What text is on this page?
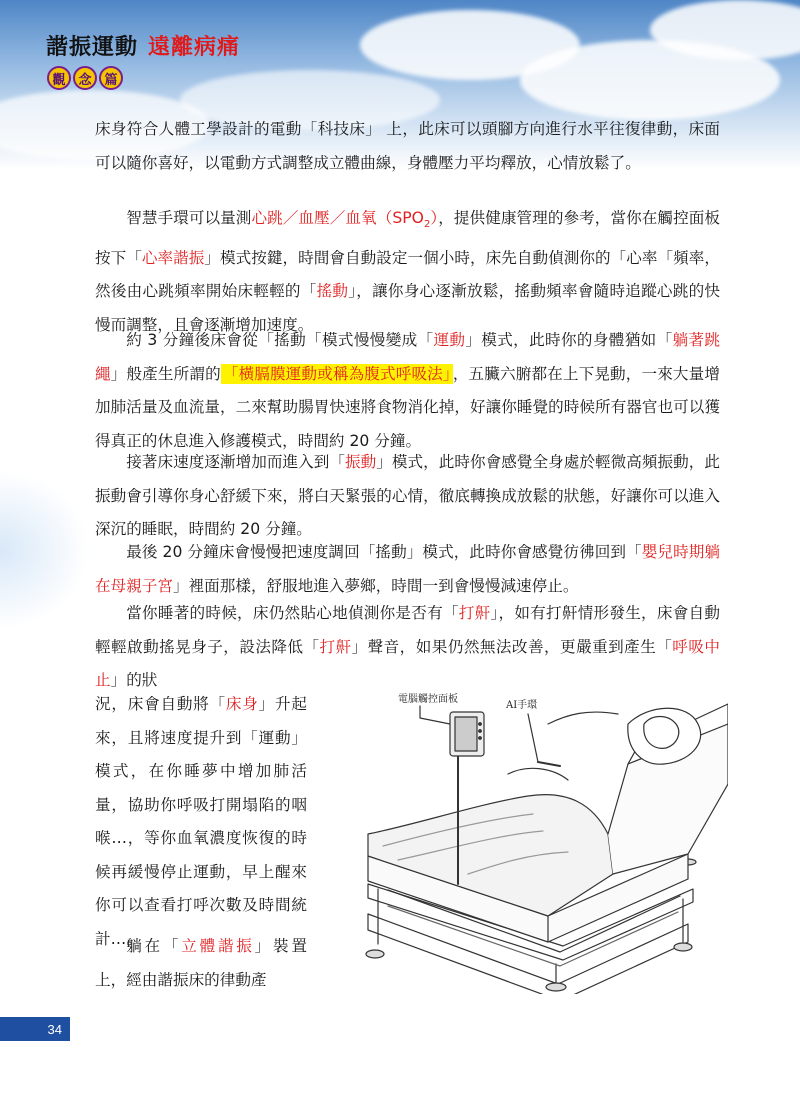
諧振運動 遠離病痛
觀 念 篇

床身符合人體工學設計的電動「科技床」 上，此床可以頭腳方向進行水平往復律動，床面可以隨你喜好，以電動方式調整成立體曲線，身體壓力平均釋放，心情放鬆了。

智慧手環可以量測心跳／血壓／血氧$(SPO_2)$，提供健康管理的參考，當你在觸控面板按下「心率諧振」模式按鍵，時間會自動設定一個小時，床先自動偵測你的「心率「頻率，然後由心跳頻率開始床輕輕的「搖動」，讓你身心逐漸放鬆，搖動頻率會隨時追蹤心跳的快慢而調整，且會逐漸增加速度。

約 3 分鐘後床會從「搖動「模式慢慢變成「運動」模式，此時你的身體猶如「躺著跳繩」般產生所謂的 「橫膈膜運動或稱為腹式呼吸法」 ，五臟六腑都在上下晃動，一來大量增加肺活量及血流量，二來幫助腸胃快速將食物消化掉，好讓你睡覺的時候所有器官也可以獲得真正的休息進入修護模式，時間約 20 分鐘。

接著床速度逐漸增加而進入到「振動」模式，此時你會感覺全身處於輕微高頻振動，此振動會引導你身心舒緩下來，將白天緊張的心情，徹底轉換成放鬆的狀態，好讓你可以進入深沉的睡眠，時間約 20 分鐘。

最後 20 分鐘床會慢慢把速度調回「搖動」模式，此時你會感覺彷彿回到「嬰兒時期躺在母親子宮」裡面那樣，舒服地進入夢鄉，時間一到會慢慢減速停止。

當你睡著的時候，床仍然貼心地偵測你是否有「打鼾」，如有打鼾情形發生，床會自動輕輕啟動搖晃身子，設法降低「打鼾」聲音，如果仍然無法改善，更嚴重到產生「呼吸中止」的狀

況，床會自動將「床身」升起來，且將速度提升到「運動」模式，在你睡夢中增加肺活量，協助你呼吸打開塌陷的咽喉…，等你血氧濃度恢復的時候再緩慢停止運動，早上醒來你可以查看打呼次數及時間統計…。

躺在「立體諧振」裝置上，經由諧振床的律動產

電腦觸控面板
AI手環
34
